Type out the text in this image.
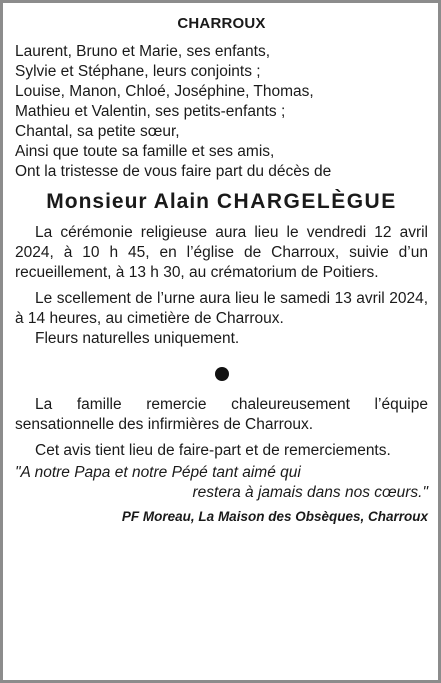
CHARROUX
Laurent, Bruno et Marie, ses enfants,
Sylvie et Stéphane, leurs conjoints ;
Louise, Manon, Chloé, Joséphine, Thomas,
Mathieu et Valentin, ses petits-enfants ;
Chantal, sa petite sœur,
Ainsi que toute sa famille et ses amis,
Ont la tristesse de vous faire part du décès de
Monsieur Alain CHARGELÈGUE

La cérémonie religieuse aura lieu le vendredi 12 avril 2024, à 10 h 45, en l’église de Charroux, suivie d’un recueillement, à 13 h 30, au crématorium de Poitiers.

Le scellement de l’urne aura lieu le samedi 13 avril 2024, à 14 heures, au cimetière de Charroux.

Fleurs naturelles uniquement.

La famille remercie chaleureusement l’équipe sensationnelle des infirmières de Charroux.

Cet avis tient lieu de faire-part et de remerciements.

"A notre Papa et notre Pépé tant aimé qui
restera à jamais dans nos cœurs."
PF Moreau, La Maison des Obsèques, Charroux
